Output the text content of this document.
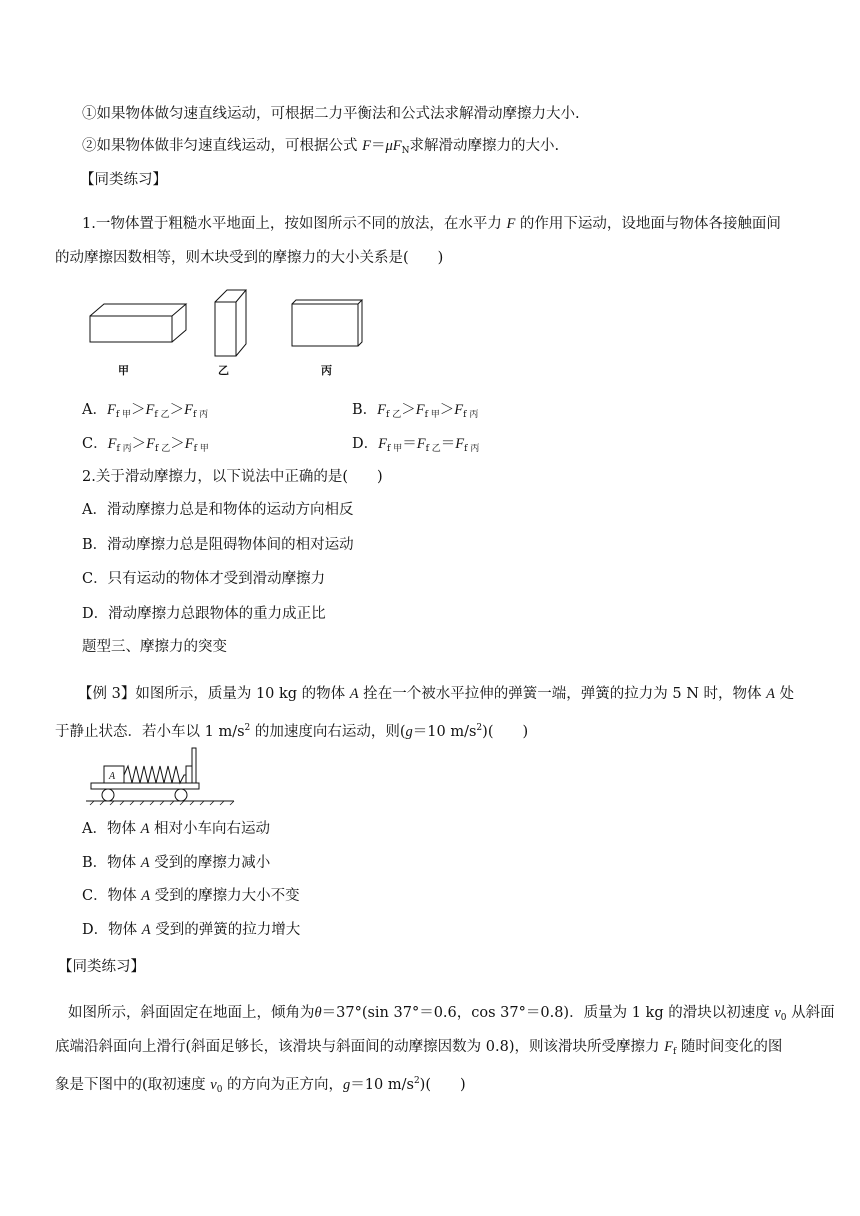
①如果物体做匀速直线运动，可根据二力平衡法和公式法求解滑动摩擦力大小.
②如果物体做非匀速直线运动，可根据公式 $F=\mu F_N$求解滑动摩擦力的大小.
【同类练习】
1.一物体置于粗糙水平地面上，按如图所示不同的放法，在水平力 F 的作用下运动，设地面与物体各接触面间
的动摩擦因数相等，则木块受到的摩擦力的大小关系是(　　)
甲	乙	丙
A．$F_{f 甲}>F_{f 乙}>F_{f 丙}$	B．$F_{f 乙}>F_{f 甲}>F_{f 丙}$
C．$F_{f 丙}>F_{f 乙}>F_{f 甲}$	D．$F_{f 甲}=F_{f 乙}=F_{f 丙}$
2.关于滑动摩擦力，以下说法中正确的是(　　)
A．滑动摩擦力总是和物体的运动方向相反
B．滑动摩擦力总是阻碍物体间的相对运动
C．只有运动的物体才受到滑动摩擦力
D．滑动摩擦力总跟物体的重力成正比
题型三、摩擦力的突变
【例 3】如图所示，质量为 10 kg 的物体 A 拴在一个被水平拉伸的弹簧一端，弹簧的拉力为 5 N 时，物体 A 处
于静止状态．若小车以 1 $m/s^2$ 的加速度向右运动，则(g＝10 $m/s^2$)(　　)
A
A．物体 A 相对小车向右运动
B．物体 A 受到的摩擦力减小
C．物体 A 受到的摩擦力大小不变
D．物体 A 受到的弹簧的拉力增大
【同类练习】
如图所示，斜面固定在地面上，倾角为θ＝37°(sin 37°＝0.6，cos 37°＝0.8)．质量为 1 kg 的滑块以初速度 $v_0$ 从斜面
底端沿斜面向上滑行(斜面足够长，该滑块与斜面间的动摩擦因数为 0.8)，则该滑块所受摩擦力 $F_f$ 随时间变化的图
象是下图中的(取初速度 $v_0$ 的方向为正方向，g＝10 $m/s^2$)(　　)
